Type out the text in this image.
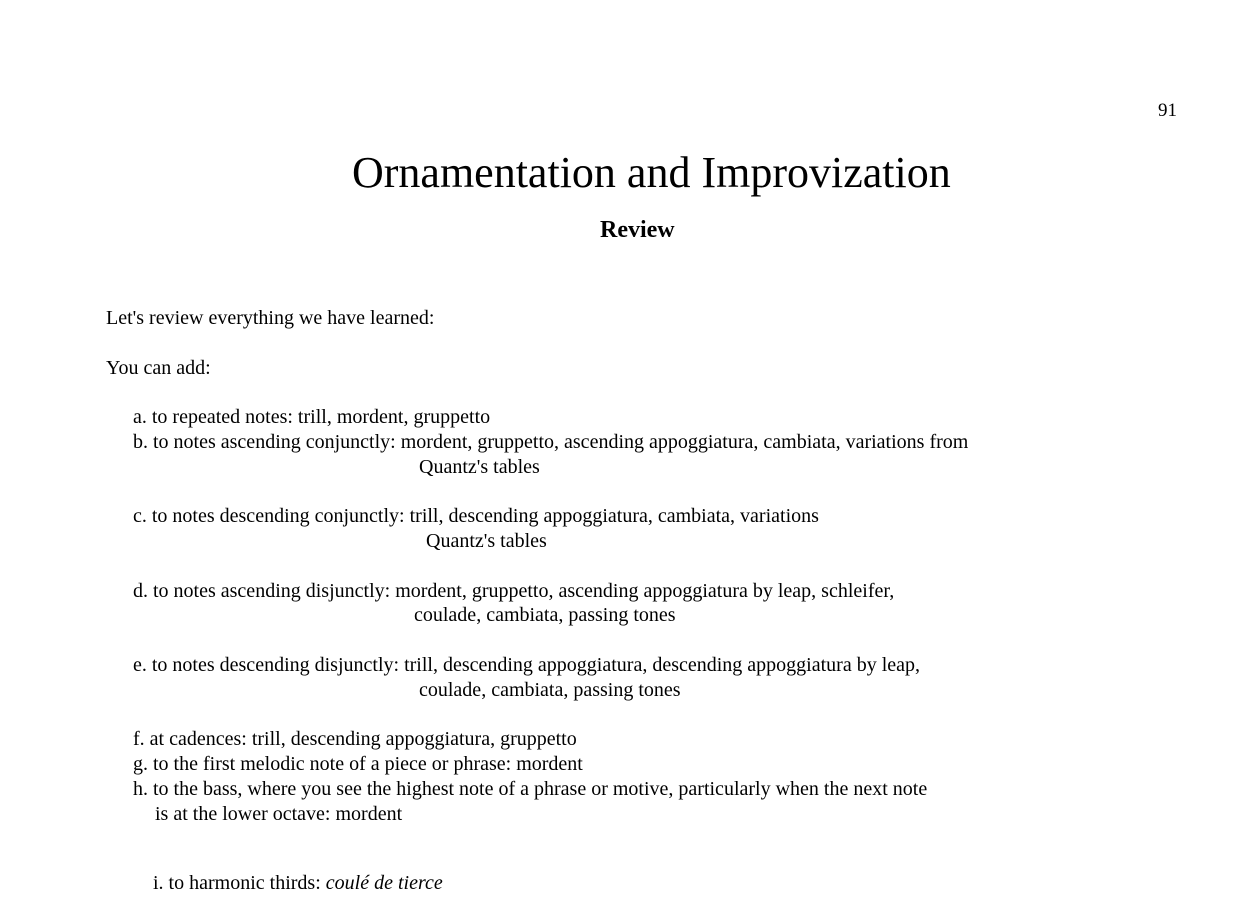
91
Ornamentation and Improvization
Review
Let's review everything we have learned:
You can add:
a. to repeated notes: trill, mordent, gruppetto
b. to notes ascending conjunctly: mordent, gruppetto, ascending appoggiatura, cambiata, variations from
Quantz's tables
c. to notes descending conjunctly: trill, descending appoggiatura, cambiata, variations
Quantz's tables
d. to notes ascending disjunctly: mordent, gruppetto, ascending appoggiatura by leap, schleifer,
coulade, cambiata, passing tones
e. to notes descending disjunctly: trill, descending appoggiatura, descending appoggiatura by leap,
coulade, cambiata, passing tones
f. at cadences: trill, descending appoggiatura, gruppetto
g. to the first melodic note of a piece or phrase: mordent
h. to the bass, where you see the highest note of a phrase or motive, particularly when the next note
is at the lower octave: mordent

i. to harmonic thirds: coulé de tierce
